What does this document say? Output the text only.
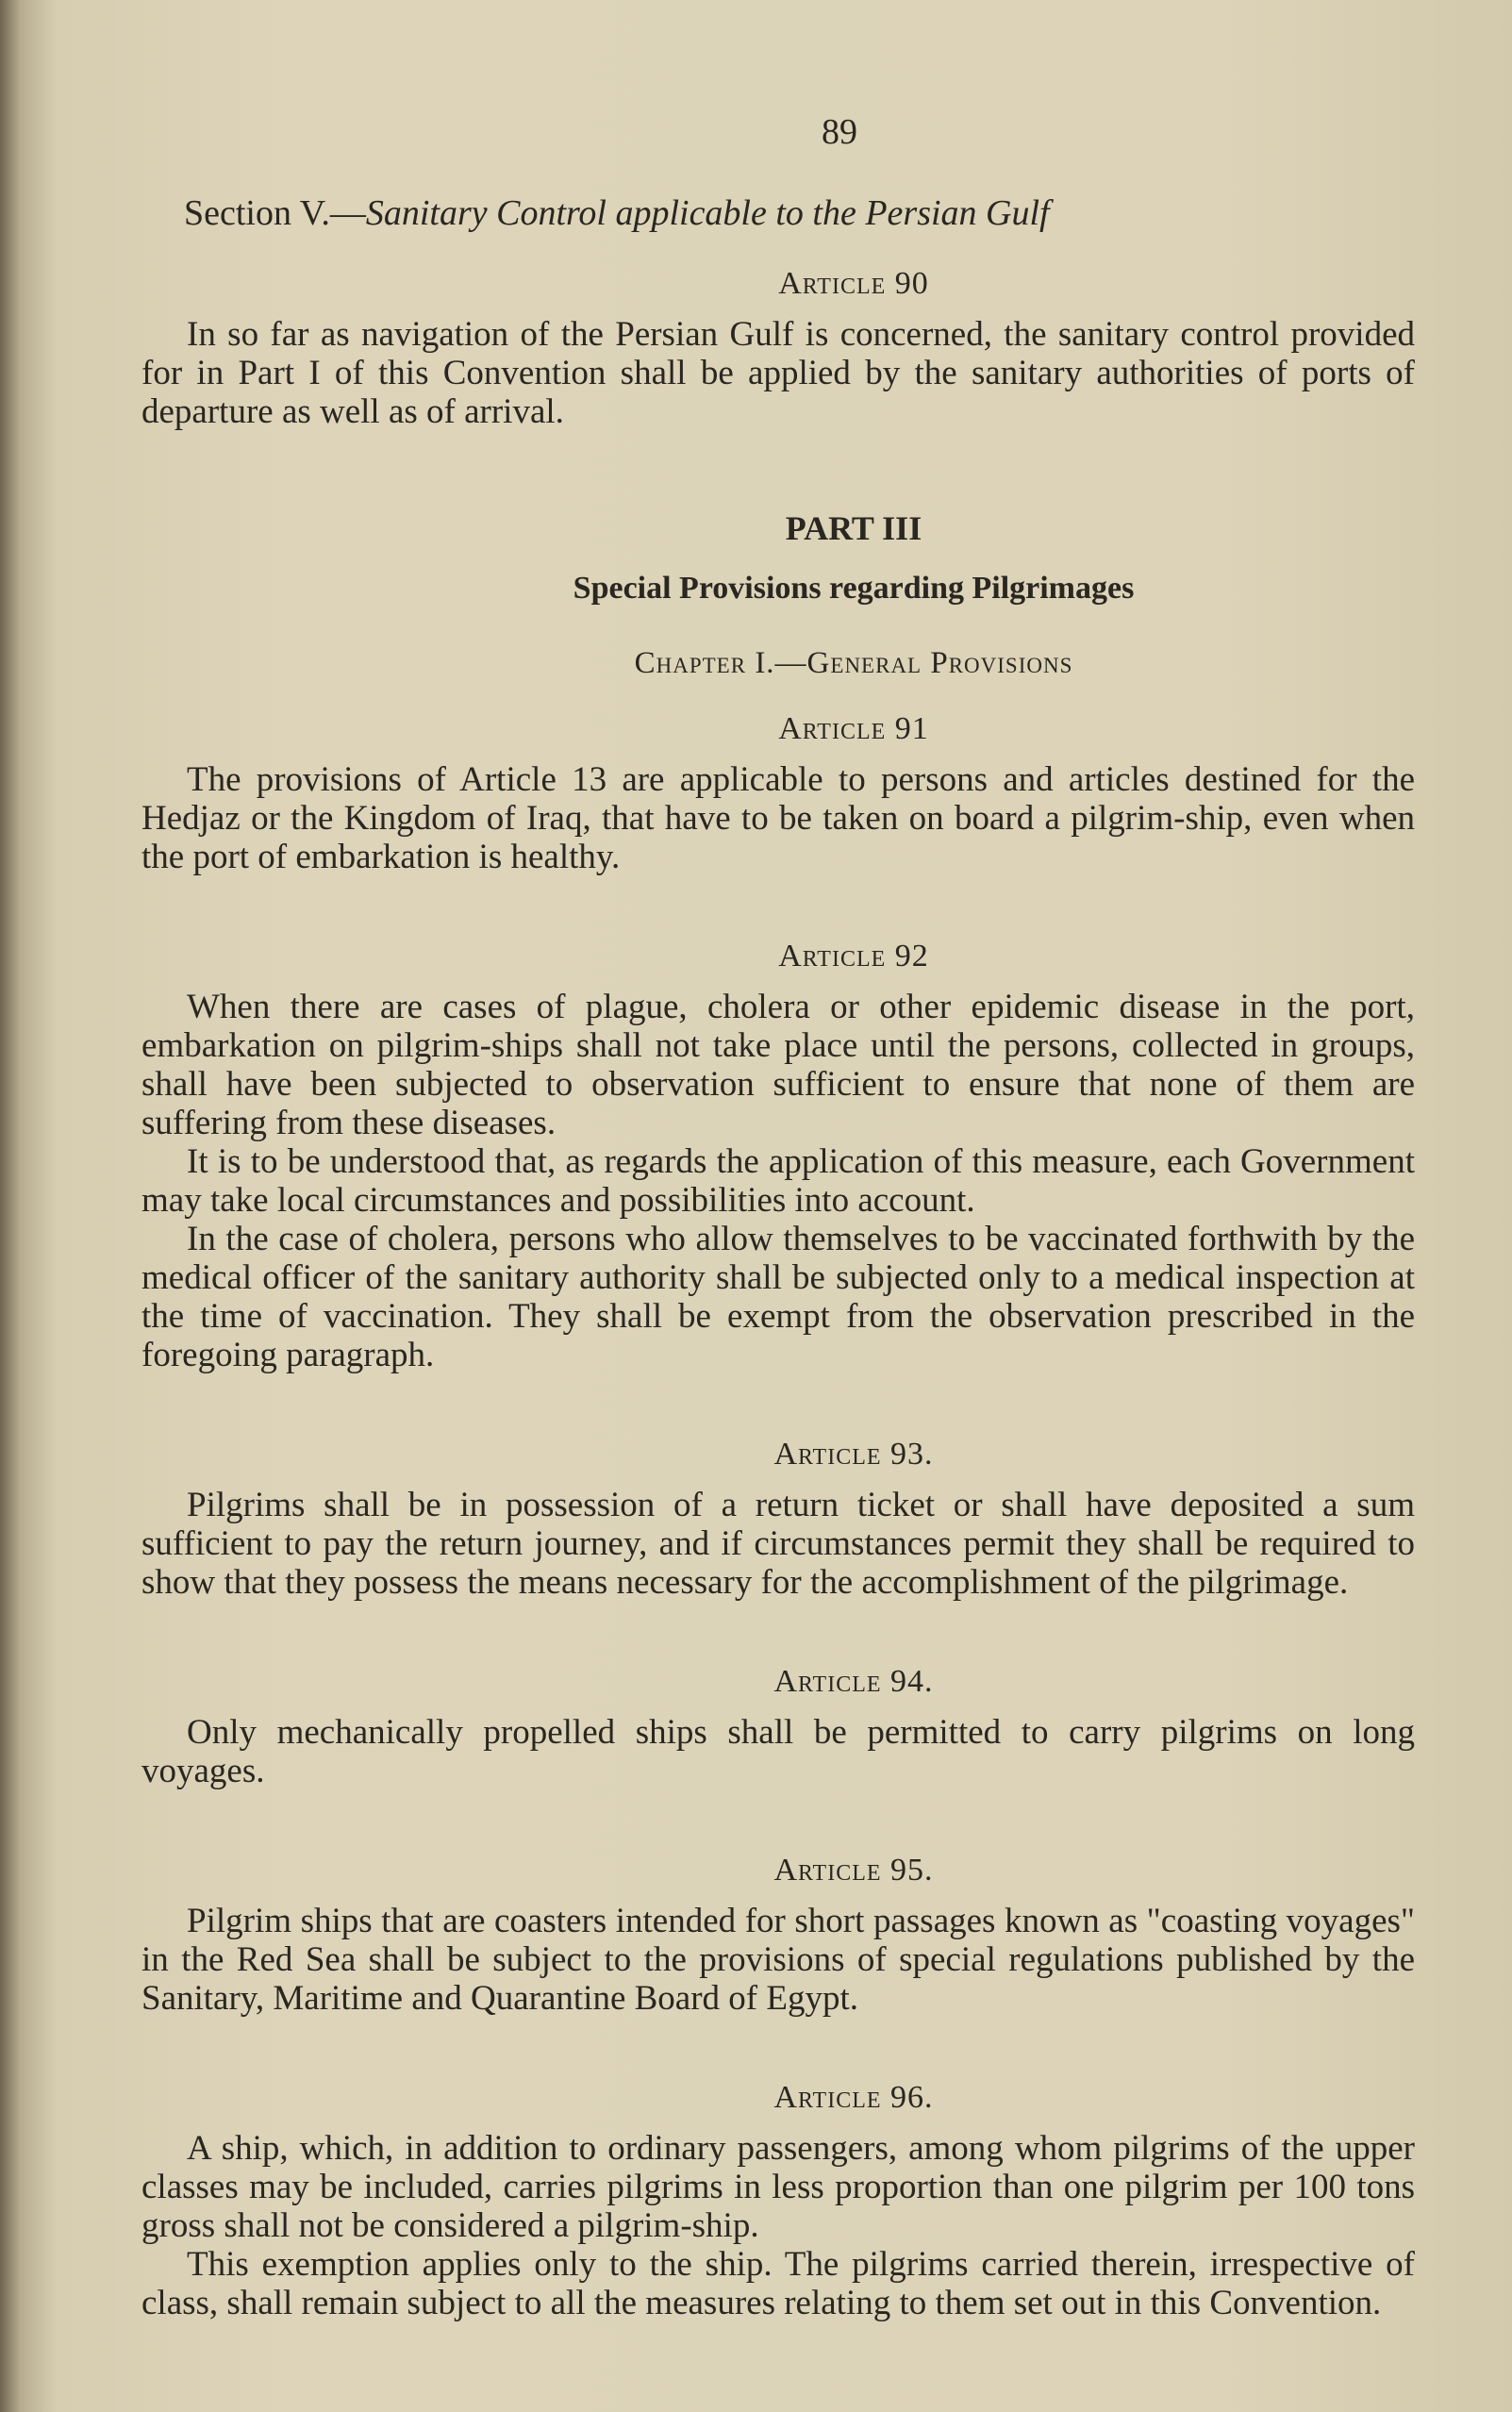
89
Section V.—Sanitary Control applicable to the Persian Gulf
Article 90

In so far as navigation of the Persian Gulf is concerned, the sanitary control provided for in Part I of this Convention shall be applied by the sanitary authorities of ports of departure as well as of arrival.

PART III
Special Provisions regarding Pilgrimages
Chapter I.—General Provisions
Article 91

The provisions of Article 13 are applicable to persons and articles destined for the Hedjaz or the Kingdom of Iraq, that have to be taken on board a pilgrim-ship, even when the port of embarkation is healthy.

Article 92

When there are cases of plague, cholera or other epidemic disease in the port, embarkation on pilgrim-ships shall not take place until the persons, collected in groups, shall have been subjected to observation sufficient to ensure that none of them are suffering from these diseases.

It is to be understood that, as regards the application of this measure, each Government may take local circumstances and possibilities into account.

In the case of cholera, persons who allow themselves to be vaccinated forthwith by the medical officer of the sanitary authority shall be subjected only to a medical inspection at the time of vaccination. They shall be exempt from the observation prescribed in the foregoing paragraph.

Article 93.

Pilgrims shall be in possession of a return ticket or shall have deposited a sum sufficient to pay the return journey, and if circumstances permit they shall be required to show that they possess the means necessary for the accomplishment of the pilgrimage.

Article 94.

Only mechanically propelled ships shall be permitted to carry pilgrims on long voyages.

Article 95.

Pilgrim ships that are coasters intended for short passages known as "coasting voyages" in the Red Sea shall be subject to the provisions of special regulations published by the Sanitary, Maritime and Quarantine Board of Egypt.

Article 96.

A ship, which, in addition to ordinary passengers, among whom pilgrims of the upper classes may be included, carries pilgrims in less proportion than one pilgrim per 100 tons gross shall not be considered a pilgrim-ship.

This exemption applies only to the ship. The pilgrims carried therein, irrespective of class, shall remain subject to all the measures relating to them set out in this Convention.
